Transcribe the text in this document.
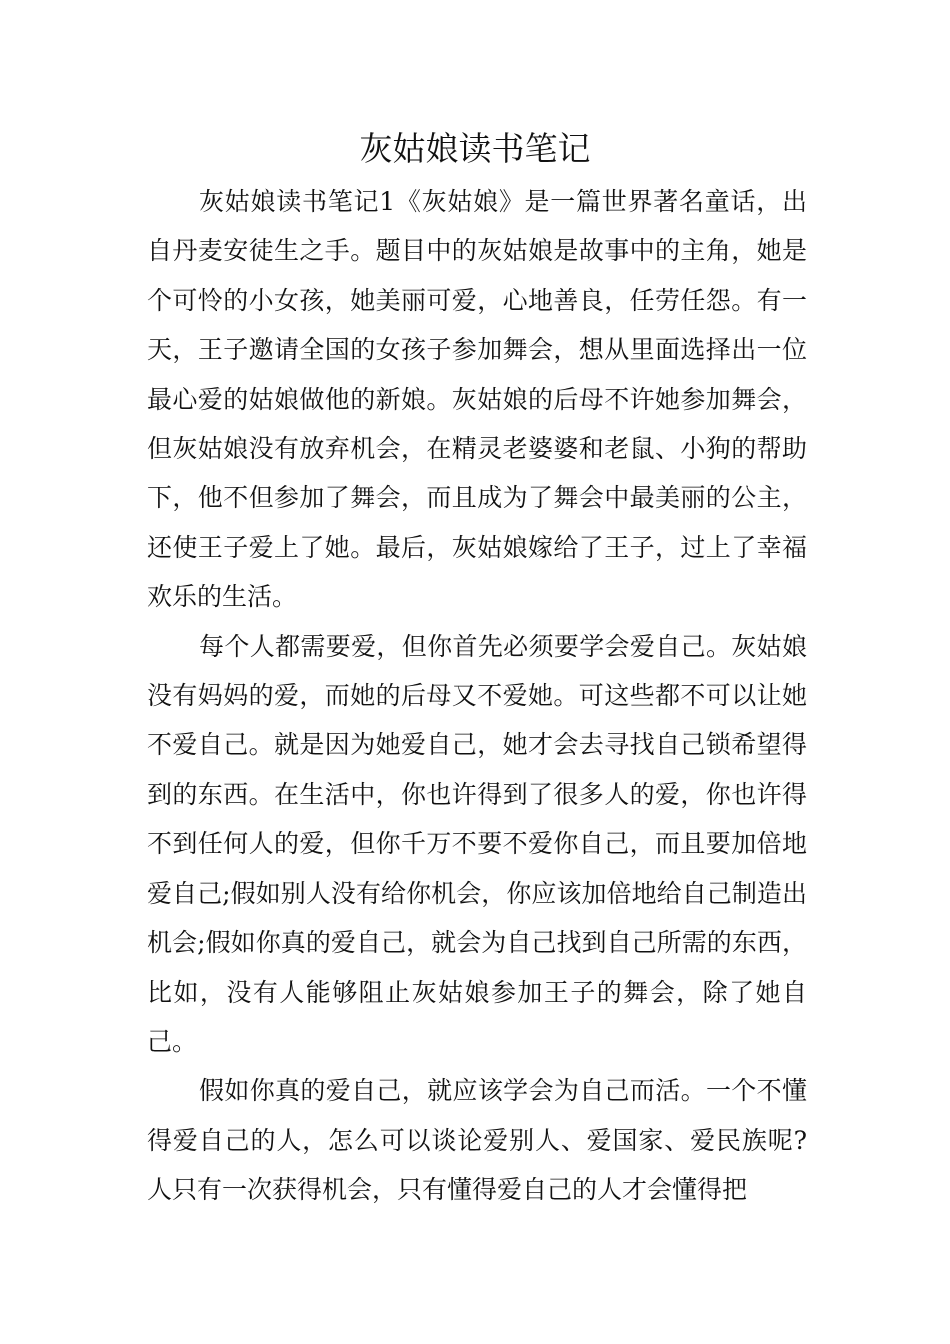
灰姑娘读书笔记

灰姑娘读书笔记1《灰姑娘》是一篇世界著名童话，出自丹麦安徒生之手。题目中的灰姑娘是故事中的主角，她是个可怜的小女孩，她美丽可爱，心地善良，任劳任怨。有一天，王子邀请全国的女孩子参加舞会，想从里面选择出一位最心爱的姑娘做他的新娘。灰姑娘的后母不许她参加舞会，但灰姑娘没有放弃机会，在精灵老婆婆和老鼠、小狗的帮助下，他不但参加了舞会，而且成为了舞会中最美丽的公主，还使王子爱上了她。最后，灰姑娘嫁给了王子，过上了幸福欢乐的生活。

每个人都需要爱，但你首先必须要学会爱自己。灰姑娘没有妈妈的爱，而她的后母又不爱她。可这些都不可以让她不爱自己。就是因为她爱自己，她才会去寻找自己锁希望得到的东西。在生活中，你也许得到了很多人的爱，你也许得不到任何人的爱，但你千万不要不爱你自己，而且要加倍地爱自己;假如别人没有给你机会，你应该加倍地给自己制造出机会;假如你真的爱自己，就会为自己找到自己所需的东西，比如，没有人能够阻止灰姑娘参加王子的舞会，除了她自己。

假如你真的爱自己，就应该学会为自己而活。一个不懂得爱自己的人，怎么可以谈论爱别人、爱国家、爱民族呢?人只有一次获得机会，只有懂得爱自己的人才会懂得把
